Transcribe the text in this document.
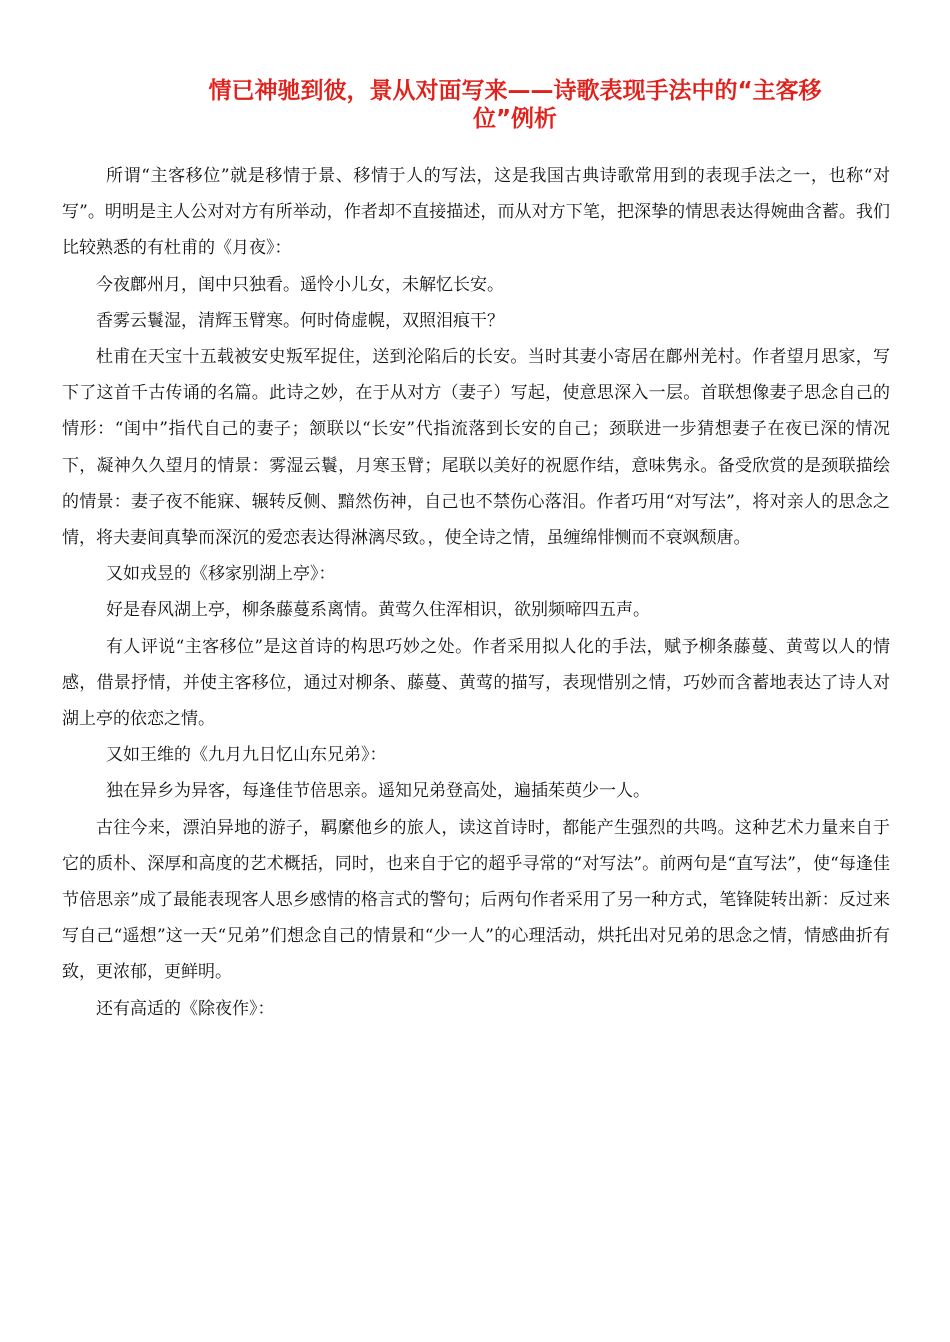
情已神驰到彼，景从对面写来——诗歌表现手法中的“主客移
位”例析

所谓“主客移位”就是移情于景、移情于人的写法，这是我国古典诗歌常用到的表现手法之一，也称“对写”。明明是主人公对对方有所举动，作者却不直接描述，而从对方下笔，把深挚的情思表达得婉曲含蓄。我们比较熟悉的有杜甫的《月夜》：

今夜鄜州月，闺中只独看。遥怜小儿女，未解忆长安。

香雾云鬟湿，清辉玉臂寒。何时倚虚幌，双照泪痕干？

杜甫在天宝十五载被安史叛军捉住，送到沦陷后的长安。当时其妻小寄居在鄜州羌村。作者望月思家，写下了这首千古传诵的名篇。此诗之妙，在于从对方（妻子）写起，使意思深入一层。首联想像妻子思念自己的情形：“闺中”指代自己的妻子；颔联以“长安”代指流落到长安的自己；颈联进一步猜想妻子在夜已深的情况下，凝神久久望月的情景：雾湿云鬟，月寒玉臂；尾联以美好的祝愿作结，意味隽永。备受欣赏的是颈联描绘的情景：妻子夜不能寐、辗转反侧、黯然伤神，自己也不禁伤心落泪。作者巧用“对写法”，将对亲人的思念之情，将夫妻间真挚而深沉的爱恋表达得淋漓尽致。，使全诗之情，虽缠绵悱恻而不衰飒颓唐。

又如戎昱的《移家别湖上亭》：

好是春风湖上亭，柳条藤蔓系离情。黄莺久住浑相识，欲别频啼四五声。

有人评说“主客移位”是这首诗的构思巧妙之处。作者采用拟人化的手法，赋予柳条藤蔓、黄莺以人的情感，借景抒情，并使主客移位，通过对柳条、藤蔓、黄莺的描写，表现惜别之情，巧妙而含蓄地表达了诗人对湖上亭的依恋之情。

又如王维的《九月九日忆山东兄弟》：

独在异乡为异客，每逢佳节倍思亲。遥知兄弟登高处，遍插茱萸少一人。

古往今来，漂泊异地的游子，羁縻他乡的旅人，读这首诗时，都能产生强烈的共鸣。这种艺术力量来自于它的质朴、深厚和高度的艺术概括，同时，也来自于它的超乎寻常的“对写法”。前两句是“直写法”，使“每逢佳节倍思亲”成了最能表现客人思乡感情的格言式的警句；后两句作者采用了另一种方式，笔锋陡转出新：反过来写自己“遥想”这一天“兄弟”们想念自己的情景和“少一人”的心理活动，烘托出对兄弟的思念之情，情感曲折有致，更浓郁，更鲜明。

还有高适的《除夜作》：
